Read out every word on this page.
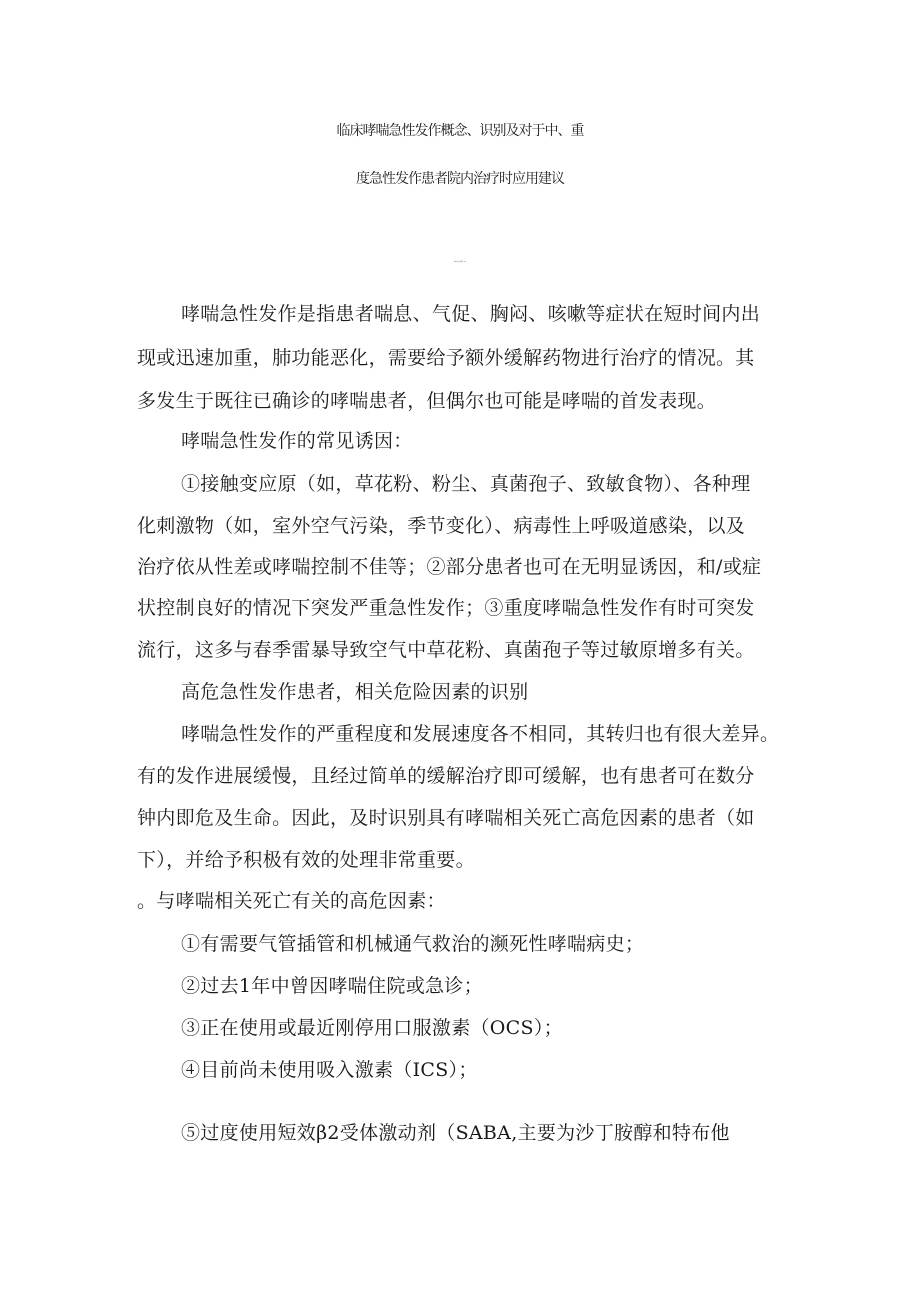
临床哮喘急性发作概念、识别及对于中、重
度急性发作患者院内治疗时应用建议
哮喘急性发作的概念与识别

哮喘急性发作是指患者喘息、气促、胸闷、咳嗽等症状在短时间内出

现或迅速加重，肺功能恶化，需要给予额外缓解药物进行治疗的情况。其

多发生于既往已确诊的哮喘患者，但偶尔也可能是哮喘的首发表现。

哮喘急性发作的常见诱因：

①接触变应原（如，草花粉、粉尘、真菌孢子、致敏食物）、各种理

化刺激物（如，室外空气污染，季节变化）、病毒性上呼吸道感染，以及

治疗依从性差或哮喘控制不佳等；②部分患者也可在无明显诱因，和/或症

状控制良好的情况下突发严重急性发作；③重度哮喘急性发作有时可突发

流行，这多与春季雷暴导致空气中草花粉、真菌孢子等过敏原增多有关。

高危急性发作患者，相关危险因素的识别

哮喘急性发作的严重程度和发展速度各不相同，其转归也有很大差异。

有的发作进展缓慢，且经过简单的缓解治疗即可缓解，也有患者可在数分

钟内即危及生命。因此，及时识别具有哮喘相关死亡高危因素的患者（如

下），并给予积极有效的处理非常重要。

。与哮喘相关死亡有关的高危因素：

①有需要气管插管和机械通气救治的濒死性哮喘病史；

②过去1年中曾因哮喘住院或急诊；

③正在使用或最近刚停用口服激素（OCS）；

④目前尚未使用吸入激素（ICS）；

⑤过度使用短效β2受体激动剂（SABA,主要为沙丁胺醇和特布他
